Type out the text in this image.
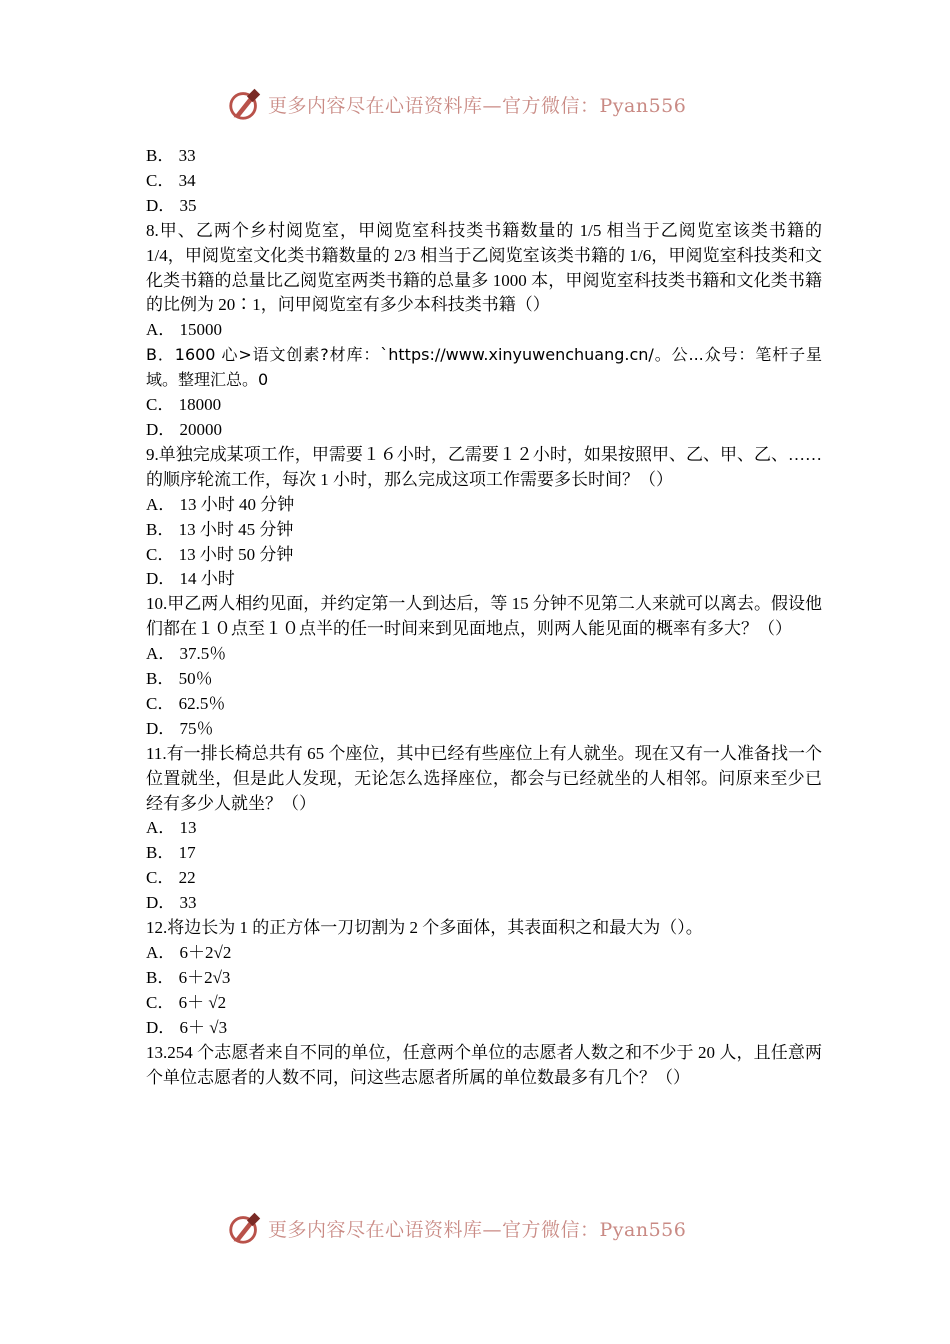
更多内容尽在心语资料库—官方微信：Pyan556
B． 33
C． 34
D． 35
8.甲、乙两个乡村阅览室，甲阅览室科技类书籍数量的 1/5 相当于乙阅览室该类书籍的 1/4，甲阅览室文化类书籍数量的 2/3 相当于乙阅览室该类书籍的 1/6，甲阅览室科技类和文化类书籍的总量比乙阅览室两类书籍的总量多 1000 本，甲阅览室科技类书籍和文化类书籍的比例为 20∶1，问甲阅览室有多少本科技类书籍（）
A． 15000
B．1600 心>语文创素?材库：`https://www.xinyuwenchuang.cn/。公...众号：笔杆子星域。整理汇总。0
C． 18000
D． 20000
9.单独完成某项工作，甲需要１６小时，乙需要１２小时，如果按照甲、乙、甲、乙、……的顺序轮流工作，每次 1 小时，那么完成这项工作需要多长时间？（）
A． 13 小时 40 分钟
B． 13 小时 45 分钟
C． 13 小时 50 分钟
D． 14 小时
10.甲乙两人相约见面，并约定第一人到达后，等 15 分钟不见第二人来就可以离去。假设他们都在１０点至１０点半的任一时间来到见面地点，则两人能见面的概率有多大？（）
A． 37.5％
B． 50％
C． 62.5％
D． 75％
11.有一排长椅总共有 65 个座位，其中已经有些座位上有人就坐。现在又有一人准备找一个位置就坐，但是此人发现，无论怎么选择座位，都会与已经就坐的人相邻。问原来至少已经有多少人就坐？（）
A． 13
B． 17
C． 22
D． 33
12.将边长为 1 的正方体一刀切割为 2 个多面体，其表面积之和最大为（）。
A． 6＋2√2
B． 6＋2√3
C． 6＋ √2
D． 6＋ √3
13.254 个志愿者来自不同的单位，任意两个单位的志愿者人数之和不少于 20 人，且任意两个单位志愿者的人数不同，问这些志愿者所属的单位数最多有几个？（）
更多内容尽在心语资料库—官方微信：Pyan556
